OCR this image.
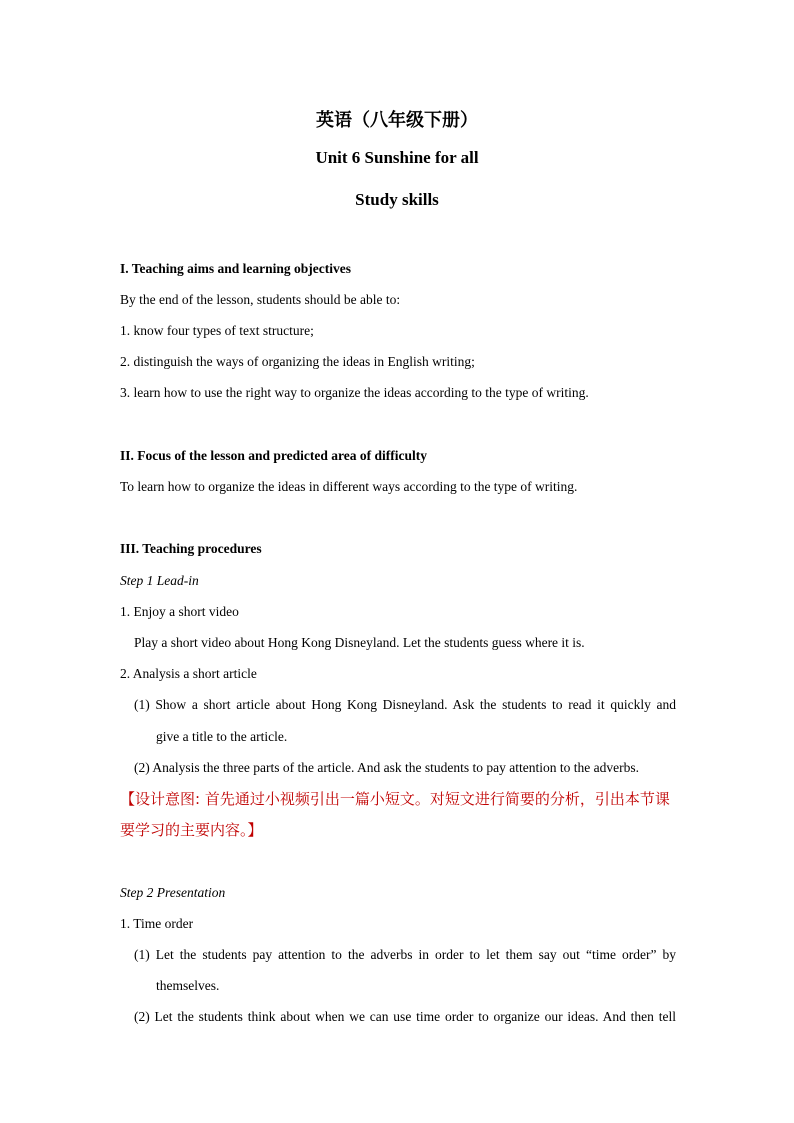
英语（八年级下册）
Unit 6 Sunshine for all
Study skills
I. Teaching aims and learning objectives
By the end of the lesson, students should be able to:
1. know four types of text structure;
2. distinguish the ways of organizing the ideas in English writing;
3. learn how to use the right way to organize the ideas according to the type of writing.
II. Focus of the lesson and predicted area of difficulty
To learn how to organize the ideas in different ways according to the type of writing.
III. Teaching procedures
Step 1 Lead-in
1. Enjoy a short video
Play a short video about Hong Kong Disneyland. Let the students guess where it is.
2. Analysis a short article
(1) Show a short article about Hong Kong Disneyland. Ask the students to read it quickly and
give a title to the article.
(2) Analysis the three parts of the article. And ask the students to pay attention to the adverbs.
【设计意图: 首先通过小视频引出一篇小短文。对短文进行简要的分析，引出本节课要学习的主要内容。】
Step 2 Presentation
1. Time order
(1) Let the students pay attention to the adverbs in order to let them say out “time order” by
themselves.
(2) Let the students think about when we can use time order to organize our ideas. And then tell
